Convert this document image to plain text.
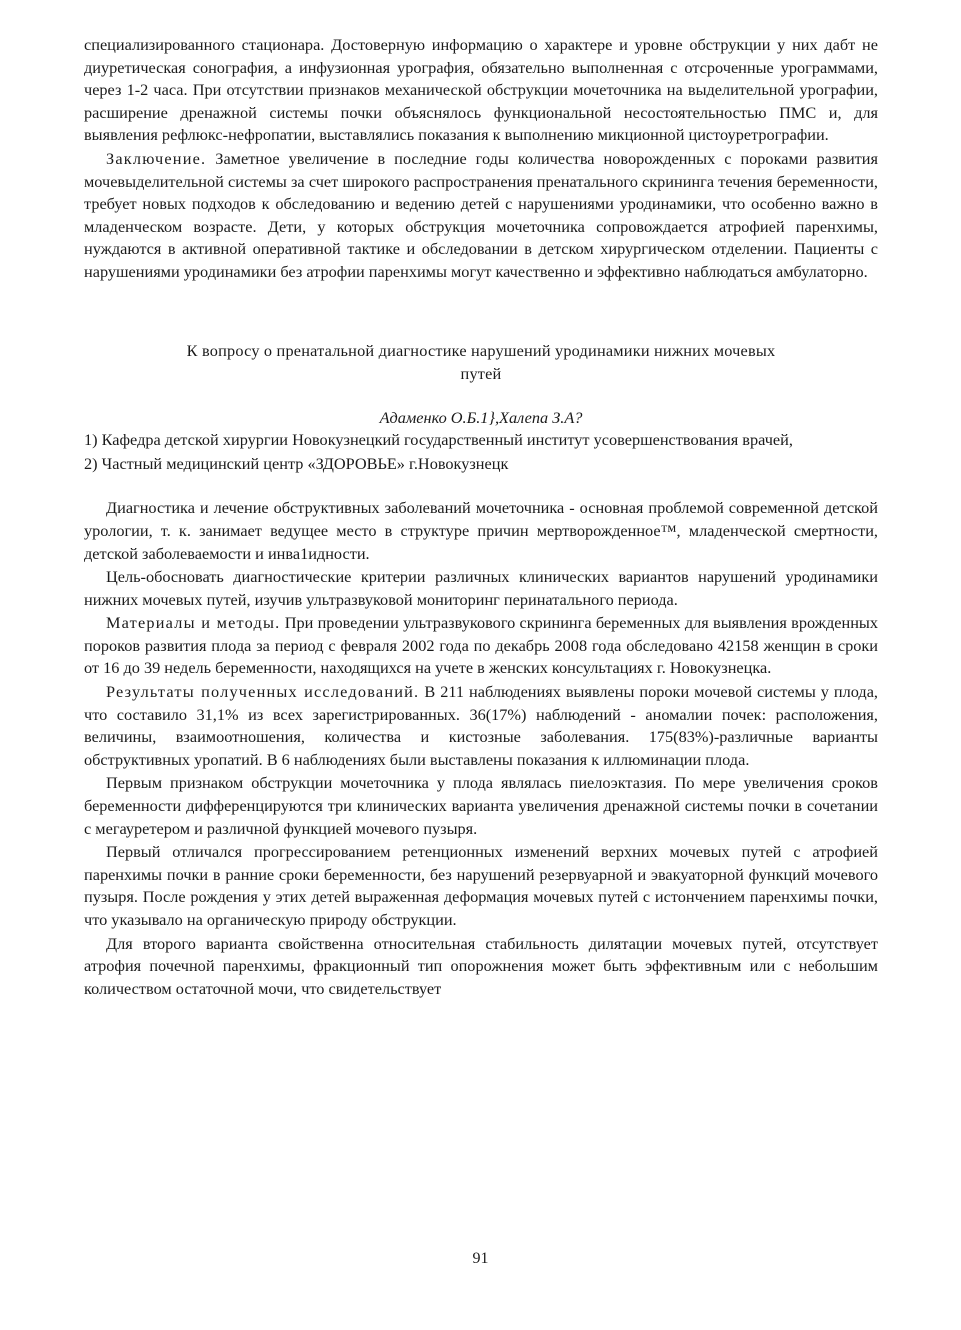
специализированного стационара. Достоверную информацию о характере и уровне обструкции у них дабт не диуретическая сонография, а инфузионная урография, обязательно выполненная с отсроченные урограммами, через 1-2 часа. При отсутствии признаков механической обструкции мочеточника на выделительной урографии, расширение дренажной системы почки объяснялось функциональной несостоятельностью ПМС и, для выявления рефлюкс-нефропатии, выставлялись показания к выполнению микционной цистоуретрографии.

Заключение. Заметное увеличение в последние годы количества новорожденных с пороками развития мочевыделительной системы за счет широкого распространения пренатального скрининга течения беременности, требует новых подходов к обследованию и ведению детей с нарушениями уродинамики, что особенно важно в младенческом возрасте. Дети, у которых обструкция мочеточника сопровождается атрофией паренхимы, нуждаются в активной оперативной тактике и обследовании в детском хирургическом отделении. Пациенты с нарушениями уродинамики без атрофии паренхимы могут качественно и эффективно наблюдаться амбулаторно.

К вопросу о пренатальной диагностике нарушений уродинамики нижних мочевых
путей
Адаменко О.Б.1},Халепа З.А?

1) Кафедра детской хирургии Новокузнецкий государственный институт усовершенствования врачей,

2) Частный медицинский центр «ЗДОРОВЬЕ» г.Новокузнецк

Диагностика и лечение обструктивных заболеваний мочеточника - основная проблемой современной детской урологии, т. к. занимает ведущее место в структуре причин мертворожденное™, младенческой смертности, детской заболеваемости и инва1идности.

Цель-обосновать диагностические критерии различных клинических вариантов нарушений уродинамики нижних мочевых путей, изучив ультразвуковой мониторинг перинатального периода.

Материалы и методы. При проведении ультразвукового скрининга беременных для выявления врожденных пороков развития плода за период с февраля 2002 года по декабрь 2008 года обследовано 42158 женщин в сроки от 16 до 39 недель беременности, находящихся на учете в женских консультациях г. Новокузнецка.

Результаты полученных исследований. В 211 наблюдениях выявлены пороки мочевой системы у плода, что составило 31,1% из всех зарегистрированных. 36(17%) наблюдений - аномалии почек: расположения, величины, взаимоотношения, количества и кистозные заболевания. 175(83%)-различные варианты обструктивных уропатий. В 6 наблюдениях были выставлены показания к иллюминации плода.

Первым признаком обструкции мочеточника у плода являлась пиелоэктазия. По мере увеличения сроков беременности дифференцируются три клинических варианта увеличения дренажной системы почки в сочетании с мегауретером и различной функцией мочевого пузыря.

Первый отличался прогрессированием ретенционных изменений верхних мочевых путей с атрофией паренхимы почки в ранние сроки беременности, без нарушений резервуарной и эвакуаторной функций мочевого пузыря. После рождения у этих детей выраженная деформация мочевых путей с истончением паренхимы почки, что указывало на органическую природу обструкции.

Для второго варианта свойственна относительная стабильность дилятации мочевых путей, отсутствует атрофия почечной паренхимы, фракционный тип опорожнения может быть эффективным или с небольшим количеством остаточной мочи, что свидетельствует

91
